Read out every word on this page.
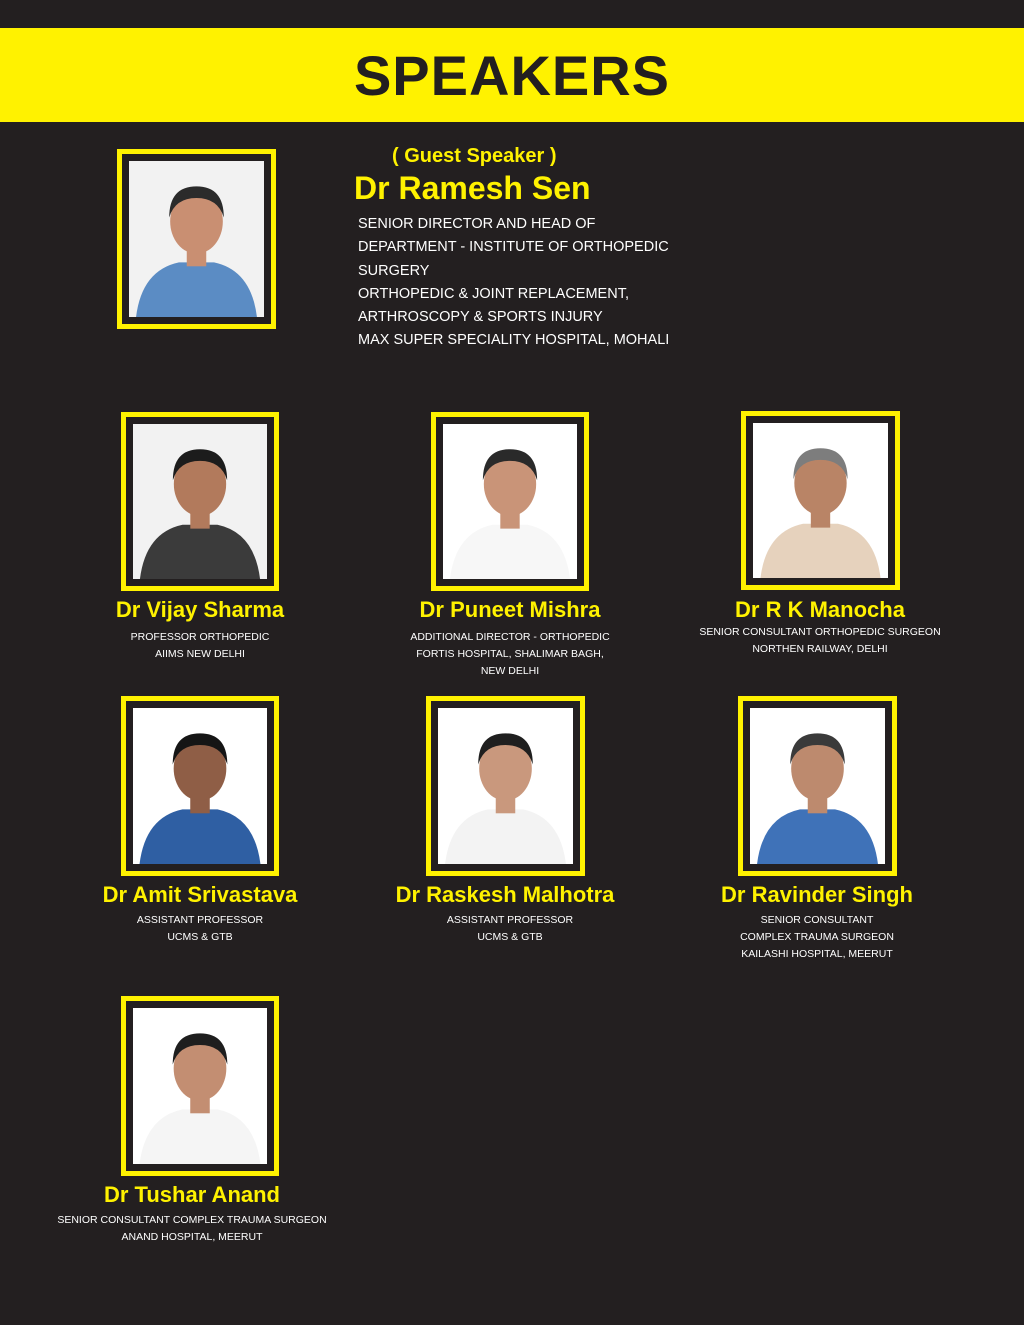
SPEAKERS
( Guest Speaker )
Dr Ramesh Sen
SENIOR DIRECTOR AND HEAD OF
DEPARTMENT - INSTITUTE OF ORTHOPEDIC
SURGERY
ORTHOPEDIC & JOINT REPLACEMENT,
ARTHROSCOPY & SPORTS INJURY
MAX SUPER SPECIALITY HOSPITAL, MOHALI
Dr Vijay Sharma
PROFESSOR ORTHOPEDIC
AIIMS NEW DELHI
Dr Puneet Mishra
ADDITIONAL DIRECTOR - ORTHOPEDIC
FORTIS HOSPITAL, SHALIMAR BAGH,
NEW DELHI
Dr R K Manocha
SENIOR CONSULTANT ORTHOPEDIC SURGEON
NORTHEN RAILWAY, DELHI
Dr Amit Srivastava
ASSISTANT PROFESSOR
UCMS & GTB
Dr Raskesh Malhotra
ASSISTANT PROFESSOR
UCMS & GTB
Dr Ravinder Singh
SENIOR CONSULTANT
COMPLEX TRAUMA SURGEON
KAILASHI HOSPITAL, MEERUT
Dr Tushar Anand
SENIOR CONSULTANT COMPLEX TRAUMA SURGEON
ANAND HOSPITAL, MEERUT
